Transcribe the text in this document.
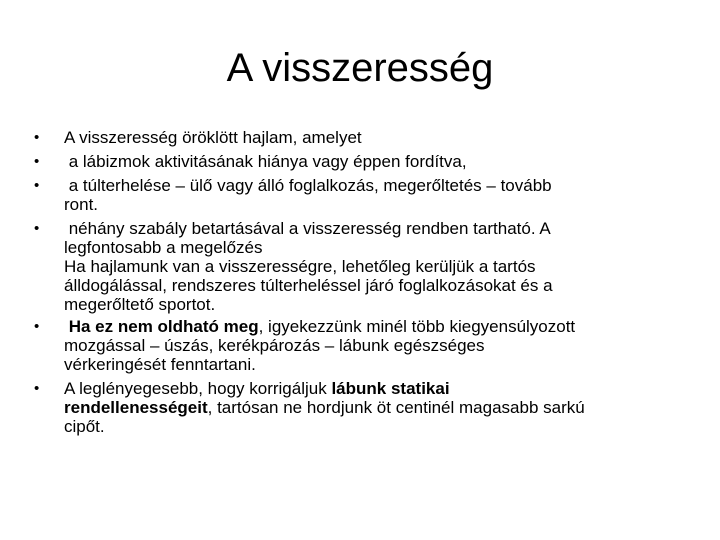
A visszeresség
•	A visszeresség öröklött hajlam, amelyet
•	a lábizmok aktivitásának hiánya vagy éppen fordítva,
•	a túlterhelése – ülő vagy álló foglalkozás, megerőltetés – tovább
ront.
•	néhány szabály betartásával a visszeresség rendben tartható. A
legfontosabb a megelőzés
Ha hajlamunk van a visszerességre, lehetőleg kerüljük a tartós
álldogálással, rendszeres túlterheléssel járó foglalkozásokat és a
megerőltető sportot.
•	Ha ez nem oldható meg, igyekezzünk minél több kiegyensúlyozott
mozgással – úszás, kerékpározás – lábunk egészséges
vérkeringését fenntartani.
•	A leglényegesebb, hogy korrigáljuk lábunk statikai
rendellenességeit, tartósan ne hordjunk öt centinél magasabb sarkú
cipőt.
